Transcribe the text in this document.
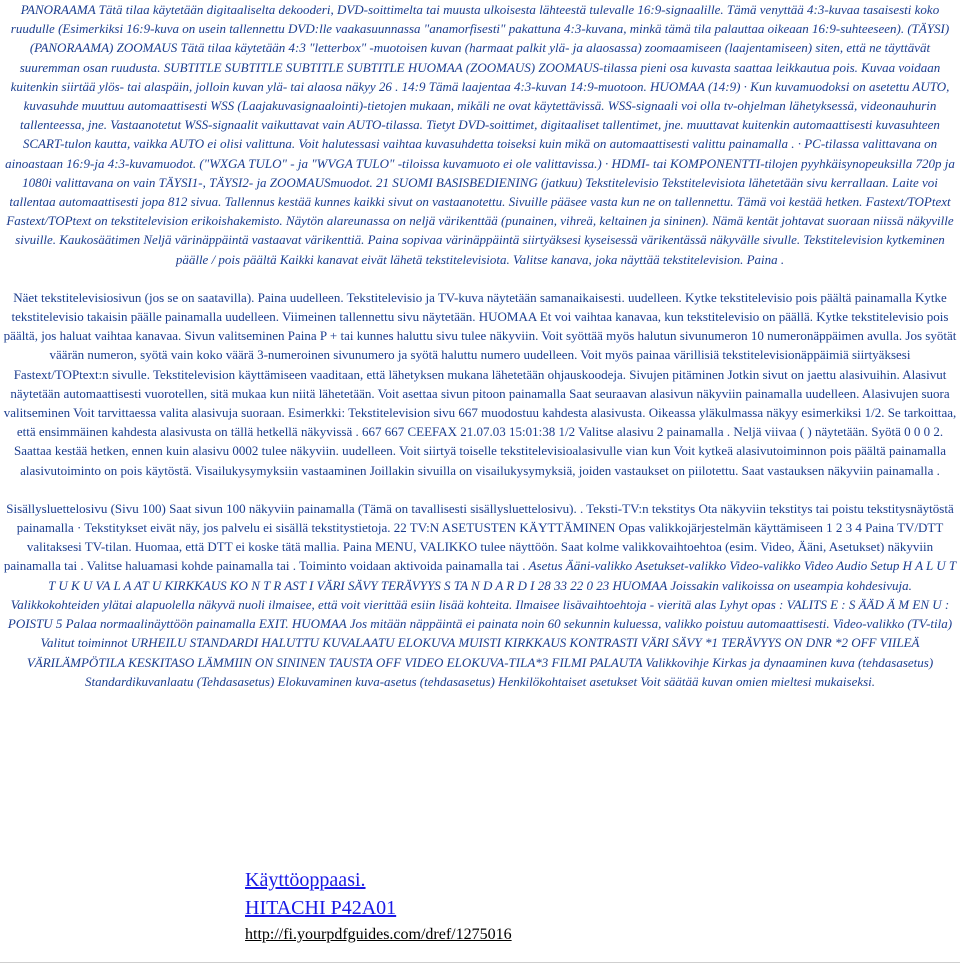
PANORAAMA Tätä tilaa käytetään digitaaliselta dekooderi, DVD-soittimelta tai muusta ulkoisesta lähteestä tulevalle 16:9-signaalille. Tämä venyttää 4:3-kuvaa tasaisesti koko ruudulle (Esimerkiksi 16:9-kuva on usein tallennettu DVD:lle vaakasuunnassa "anamorfisesti" pakattuna 4:3-kuvana, minkä tämä tila palauttaa oikeaan 16:9-suhteeseen). (TÄYSI) (PANORAAMA) ZOOMAUS Tätä tilaa käytetään 4:3 "letterbox" -muotoisen kuvan (harmaat palkit ylä- ja alaosassa) zoomaamiseen (laajentamiseen) siten, että ne täyttävät suuremman osan ruudusta. SUBTITLE SUBTITLE SUBTITLE SUBTITLE HUOMAA (ZOOMAUS) ZOOMAUS-tilassa pieni osa kuvasta saattaa leikkautua pois. Kuvaa voidaan kuitenkin siirtää ylös- tai alaspäin, jolloin kuvan ylä- tai alaosa näkyy 26 . 14:9 Tämä laajentaa 4:3-kuvan 14:9-muotoon. HUOMAA (14:9) · Kun kuvamuodoksi on asetettu AUTO, kuvasuhde muuttuu automaattisesti WSS (Laajakuvasignaalointi)-tietojen mukaan, mikäli ne ovat käytettävissä. WSS-signaali voi olla tv-ohjelman lähetyksessä, videonauhurin tallenteessa, jne. Vastaanotetut WSS-signaalit vaikuttavat vain AUTO-tilassa. Tietyt DVD-soittimet, digitaaliset tallentimet, jne. muuttavat kuitenkin automaattisesti kuvasuhteen SCART-tulon kautta, vaikka AUTO ei olisi valittuna. Voit halutessasi vaihtaa kuvasuhdetta toiseksi kuin mikä on automaattisesti valittu painamalla . · PC-tilassa valittavana on ainoastaan 16:9-ja 4:3-kuvamuodot. ("WXGA TULO" - ja "WVGA TULO" -tiloissa kuvamuoto ei ole valittavissa.) · HDMI- tai KOMPONENTTI-tilojen pyyhkäisynopeuksilla 720p ja 1080i valittavana on vain TÄYSI1-, TÄYSI2- ja ZOOMAUSmuodot. 21 SUOMI BASISBEDIENING (jatkuu) Tekstitelevisio Tekstitelevisiota lähetetään sivu kerrallaan. Laite voi tallentaa automaattisesti jopa 812 sivua. Tallennus kestää kunnes kaikki sivut on vastaanotettu. Sivuille pääsee vasta kun ne on tallennettu. Tämä voi kestää hetken. Fastext/TOPtext Fastext/TOPtext on tekstitelevision erikoishakemisto. Näytön alareunassa on neljä värikenttää (punainen, vihreä, keltainen ja sininen). Nämä kentät johtavat suoraan niissä näkyville sivuille. Kaukosäätimen Neljä värinäppäintä vastaavat värikenttiä. Paina sopivaa värinäppäintä siirtyäksesi kyseisessä värikentässä näkyvälle sivulle. Tekstitelevision kytkeminen päälle / pois päältä Kaikki kanavat eivät lähetä tekstitelevisiota. Valitse kanava, joka näyttää tekstitelevision. Paina .
Näet tekstitelevisiosivun (jos se on saatavilla). Paina uudelleen. Tekstitelevisio ja TV-kuva näytetään samanaikaisesti. uudelleen. Kytke tekstitelevisio pois päältä painamalla Kytke tekstitelevisio takaisin päälle painamalla uudelleen. Viimeinen tallennettu sivu näytetään. HUOMAA Et voi vaihtaa kanavaa, kun tekstitelevisio on päällä. Kytke tekstitelevisio pois päältä, jos haluat vaihtaa kanavaa. Sivun valitseminen Paina P + tai kunnes haluttu sivu tulee näkyviin. Voit syöttää myös halutun sivunumeron 10 numeronäppäimen avulla. Jos syötät väärän numeron, syötä vain koko väärä 3-numeroinen sivunumero ja syötä haluttu numero uudelleen. Voit myös painaa värillisiä tekstitelevisionäppäimiä siirtyäksesi Fastext/TOPtext:n sivulle. Tekstitelevision käyttämiseen vaaditaan, että lähetyksen mukana lähetetään ohjauskoodeja. Sivujen pitäminen Jotkin sivut on jaettu alasivuihin. Alasivut näytetään automaattisesti vuorotellen, sitä mukaa kun niitä lähetetään. Voit asettaa sivun pitoon painamalla Saat seuraavan alasivun näkyviin painamalla uudelleen. Alasivujen suora valitseminen Voit tarvittaessa valita alasivuja suoraan. Esimerkki: Tekstitelevision sivu 667 muodostuu kahdesta alasivusta. Oikeassa yläkulmassa näkyy esimerkiksi 1/2. Se tarkoittaa, että ensimmäinen kahdesta alasivusta on tällä hetkellä näkyvissä . 667 667 CEEFAX 21.07.03 15:01:38 1/2 Valitse alasivu 2 painamalla . Neljä viivaa ( ) näytetään. Syötä 0 0 0 2. Saattaa kestää hetken, ennen kuin alasivu 0002 tulee näkyviin. uudelleen. Voit siirtyä toiselle tekstitelevisioalasivulle vian kun Voit kytkeä alasivutoiminnon pois päältä painamalla alasivutoiminto on pois käytöstä. Visailukysymyksiin vastaaminen Joillakin sivuilla on visailukysymyksiä, joiden vastaukset on piilotettu. Saat vastauksen näkyviin painamalla .
Sisällysluettelosivu (Sivu 100) Saat sivun 100 näkyviin painamalla (Tämä on tavallisesti sisällysluettelosivu). . Teksti-TV:n tekstitys Ota näkyviin tekstitys tai poistu tekstitysnäytöstä painamalla · Tekstitykset eivät näy, jos palvelu ei sisällä tekstitystietoja. 22 TV:N ASETUSTEN KÄYTTÄMINEN Opas valikkojärjestelmän käyttämiseen 1 2 3 4 Paina TV/DTT valitaksesi TV-tilan. Huomaa, että DTT ei koske tätä mallia. Paina MENU, VALIKKO tulee näyttöön. Saat kolme valikkovaihtoehtoa (esim. Video, Ääni, Asetukset) näkyviin painamalla tai . Valitse haluamasi kohde painamalla tai . Toiminto voidaan aktivoida painamalla tai . Asetus Ääni-valikko Asetukset-valikko Video-valikko Video Audio Setup H A L U T T U K U VA L A AT U KIRKKAUS KO N T R AST I VÄRI SÄVY TERÄVYYS S TA N D A R D I 28 33 22 0 23 HUOMAA Joissakin valikoissa on useampia kohdesivuja. Valikkokohteiden ylätai alapuolella näkyvä nuoli ilmaisee, että voit vierittää esiin lisää kohteita. Ilmaisee lisävaihtoehtoja - vieritä alas Lyhyt opas : VALITS E : S ÄÄD Ä M EN U : POISTU 5 Palaa normaalinäyttöön painamalla EXIT. HUOMAA Jos mitään näppäintä ei painata noin 60 sekunnin kuluessa, valikko poistuu automaattisesti. Video-valikko (TV-tila) Valitut toiminnot URHEILU STANDARDI HALUTTU KUVALAATU ELOKUVA MUISTI KIRKKAUS KONTRASTI VÄRI SÄVY *1 TERÄVYYS ON DNR *2 OFF VIILEÄ VÄRILÄMPÖTILA KESKITASO LÄMMIIN ON SININEN TAUSTA OFF VIDEO ELOKUVA-TILA*3 FILMI PALAUTA Valikkovihje Kirkas ja dynaaminen kuva (tehdasasetus) Standardikuvanlaatu (Tehdasasetus) Elokuvaminen kuva-asetus (tehdasasetus) Henkilökohtaiset asetukset Voit säätää kuvan omien mieltesi mukaiseksi.
Käyttöoppaasi.
HITACHI P42A01
http://fi.yourpdfguides.com/dref/1275016
